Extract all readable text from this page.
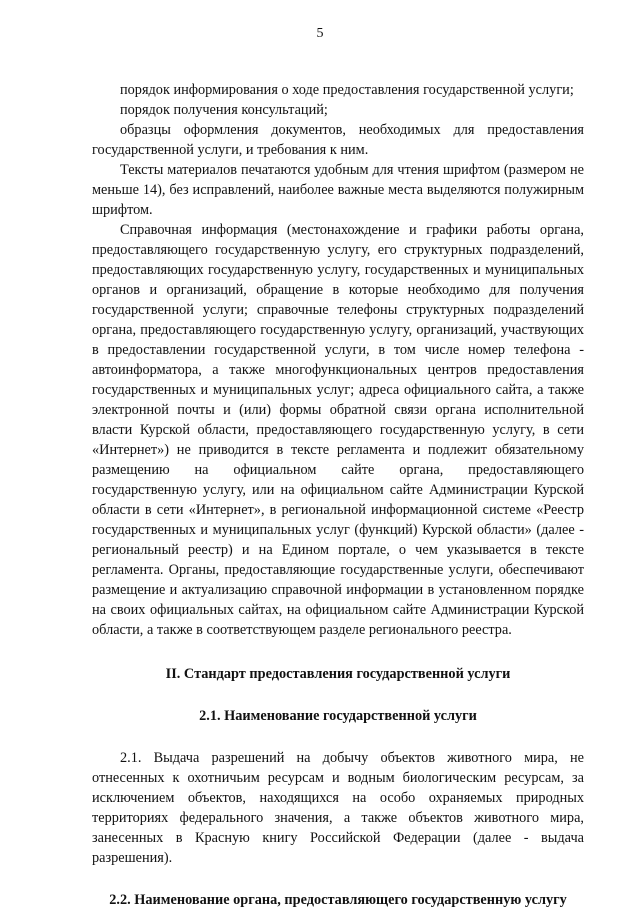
5

порядок информирования о ходе предоставления государственной услуги;

порядок получения консультаций;

образцы оформления документов, необходимых для предоставления государственной услуги, и требования к ним.

Тексты материалов печатаются удобным для чтения шрифтом (размером не меньше 14), без исправлений, наиболее важные места выделяются полужирным шрифтом.

Справочная информация (местонахождение и графики работы органа, предоставляющего государственную услугу, его структурных подразделений, предоставляющих государственную услугу, государственных и муниципальных органов и организаций, обращение в которые необходимо для получения государственной услуги; справочные телефоны структурных подразделений органа, предоставляющего государственную услугу, организаций, участвующих в предоставлении государственной услуги, в том числе номер телефона - автоинформатора, а также многофункциональных центров предоставления государственных и муниципальных услуг; адреса официального сайта, а также электронной почты и (или) формы обратной связи органа исполнительной власти Курской области, предоставляющего государственную услугу, в сети «Интернет») не приводится в тексте регламента и подлежит обязательному размещению на официальном сайте органа, предоставляющего государственную услугу, или на официальном сайте Администрации Курской области в сети «Интернет», в региональной информационной системе «Реестр государственных и муниципальных услуг (функций) Курской области» (далее - региональный реестр) и на Едином портале, о чем указывается в тексте регламента. Органы, предоставляющие государственные услуги, обеспечивают размещение и актуализацию справочной информации в установленном порядке на своих официальных сайтах, на официальном сайте Администрации Курской области, а также в соответствующем разделе регионального реестра.

II. Стандарт предоставления государственной услуги
2.1. Наименование государственной услуги

2.1. Выдача разрешений на добычу объектов животного мира, не отнесенных к охотничьим ресурсам и водным биологическим ресурсам, за исключением объектов, находящихся на особо охраняемых природных территориях федерального значения, а также объектов животного мира, занесенных в Красную книгу Российской Федерации (далее - выдача разрешения).

2.2. Наименование органа, предоставляющего государственную услугу
